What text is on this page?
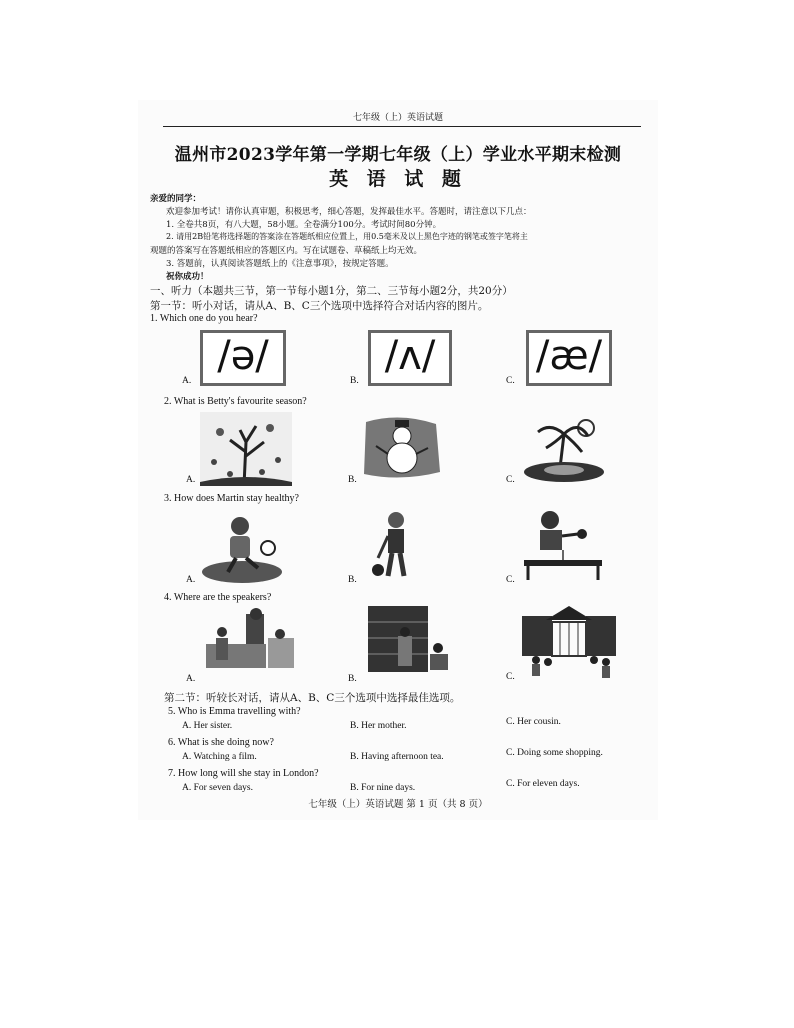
七年级（上）英语试题
温州市2023学年第一学期七年级（上）学业水平期末检测
英 语 试 题
亲爱的同学：
欢迎参加考试！请你认真审题，积极思考，细心答题，发挥最佳水平。答题时，请注意以下几点：
1. 全卷共8页，有八大题，58小题。全卷满分100分。考试时间80分钟。
2. 请用2B铅笔将选择题的答案涂在答题纸相应位置上，用0.5毫米及以上黑色字迹的钢笔或签字笔将主
观题的答案写在答题纸相应的答题区内。写在试题卷、草稿纸上均无效。
3. 答题前，认真阅读答题纸上的《注意事项》，按规定答题。
祝你成功！
一、听力（本题共三节，第一节每小题1分，第二、三节每小题2分，共20分）
第一节：听小对话，请从A、B、C三个选项中选择符合对话内容的图片。
1. Which one do you hear?
A.
/ə/
B.
/ʌ/
C.
/æ/
2. What is Betty's favourite season?
A.	B.	C.
3. How does Martin stay healthy?
A.	B.	C.
4. Where are the speakers?
A.	B.	C.
第二节：听较长对话，请从A、B、C三个选项中选择最佳选项。
5. Who is Emma travelling with?
A. Her sister.	B. Her mother.	C. Her cousin.
6. What is she doing now?
A. Watching a film.	B. Having afternoon tea.	C. Doing some shopping.
7. How long will she stay in London?
A. For seven days.	B. For nine days.	C. For eleven days.
七年级（上）英语试题 第 1 页（共 8 页）
